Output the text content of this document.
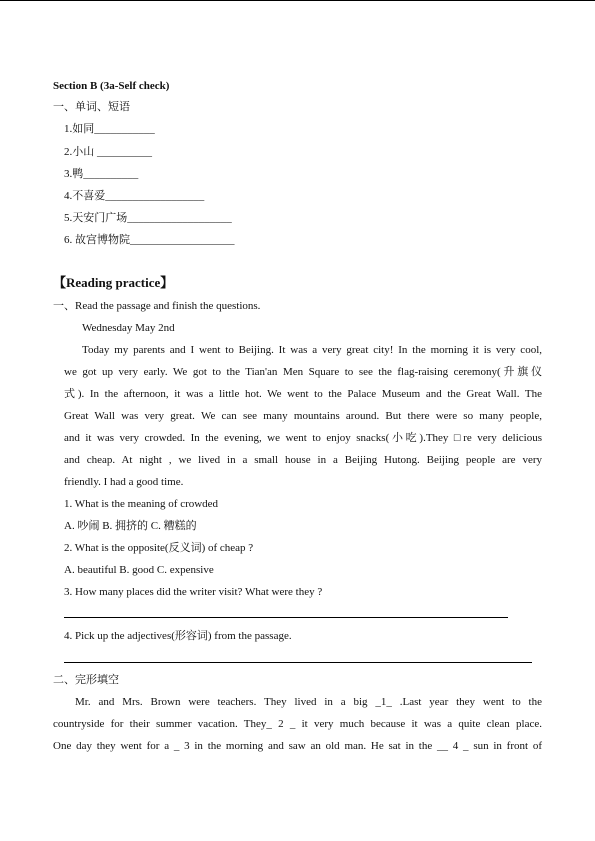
Section B (3a-Self check)
一、单词、短语
1.如同___________
2.小山 __________
3.鸭__________
4.不喜爱__________________
5.天安门广场___________________
6. 故宫博物院___________________
【Reading practice】
一、Read the passage and finish the questions.
Wednesday May 2nd
Today my parents and I went to Beijing. It was a very great city! In the morning it is very cool,
we got up very early. We got to the Tian'an Men Square to see the flag-raising ceremony(升旗仪
式). In the afternoon, it was a little hot. We went to the Palace Museum and the Great Wall. The
Great Wall was very great. We can see many mountains around. But there were so many people,
and it was very crowded. In the evening, we went to enjoy snacks(小吃).They □re very delicious
and cheap. At night , we lived in a small house in a Beijing Hutong. Beijing people are very
friendly. I had a good time.
1. What is the meaning of crowded
A. 吵闹 B. 拥挤的 C. 糟糕的
2. What is the opposite(反义词) of cheap ?
A. beautiful B. good C. expensive
3. How many places did the writer visit? What were they ?
4. Pick up the adjectives(形容词) from the passage.
二、完形填空
Mr. and Mrs. Brown were teachers. They lived in a big _1_ .Last year they went to the
countryside for their summer vacation. They_ 2 _ it very much because it was a quite clean place.
One day they went for a _ 3 in the morning and saw an old man. He sat in the __ 4 _ sun in front of
